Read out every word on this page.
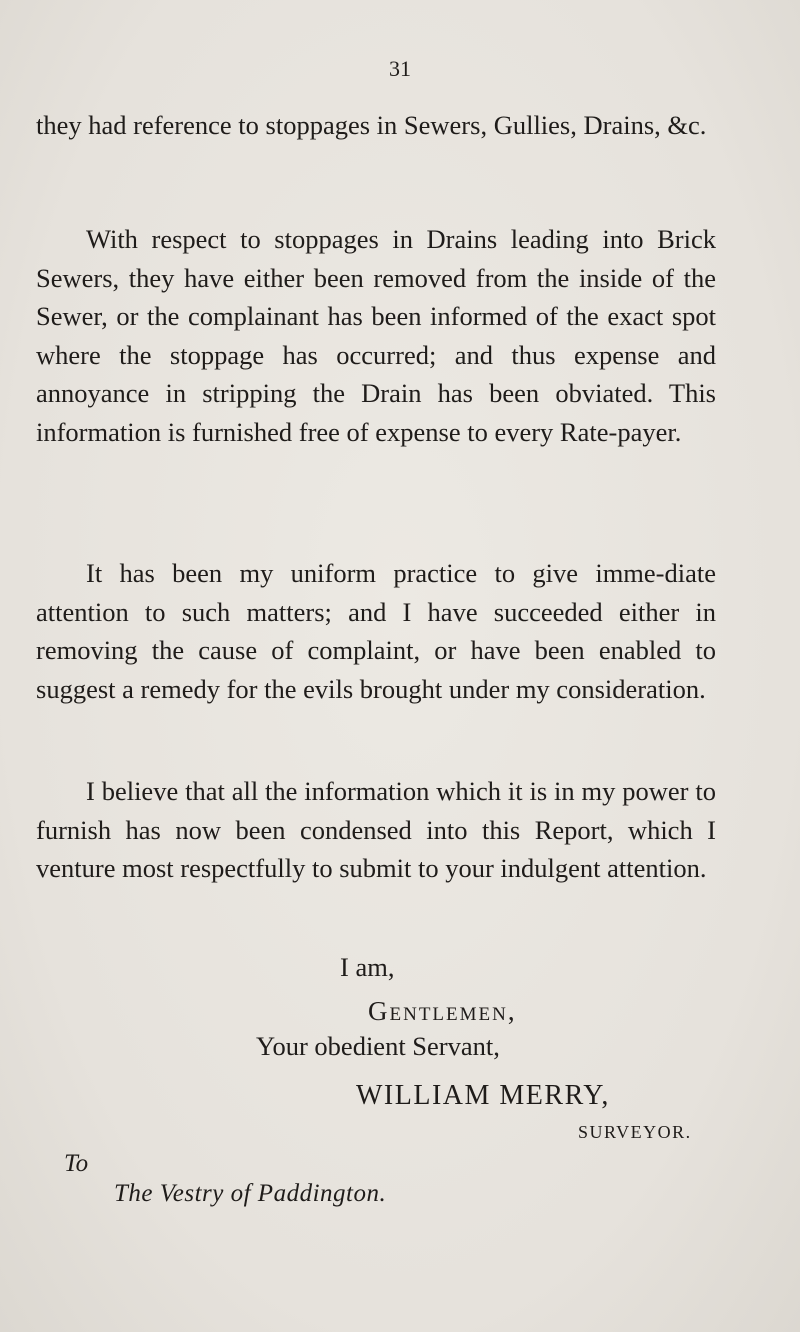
31

they had reference to stoppages in Sewers, Gullies, Drains, &c.

With respect to stoppages in Drains leading into Brick Sewers, they have either been removed from the inside of the Sewer, or the complainant has been informed of the exact spot where the stoppage has occurred; and thus expense and annoyance in stripping the Drain has been obviated. This information is furnished free of expense to every Rate-payer.

It has been my uniform practice to give imme-diate attention to such matters; and I have succeeded either in removing the cause of complaint, or have been enabled to suggest a remedy for the evils brought under my consideration.

I believe that all the information which it is in my power to furnish has now been condensed into this Report, which I venture most respectfully to submit to your indulgent attention.

I am,
Gentlemen,
Your obedient Servant,
WILLIAM MERRY,
SURVEYOR.
To
The Vestry of Paddington.
